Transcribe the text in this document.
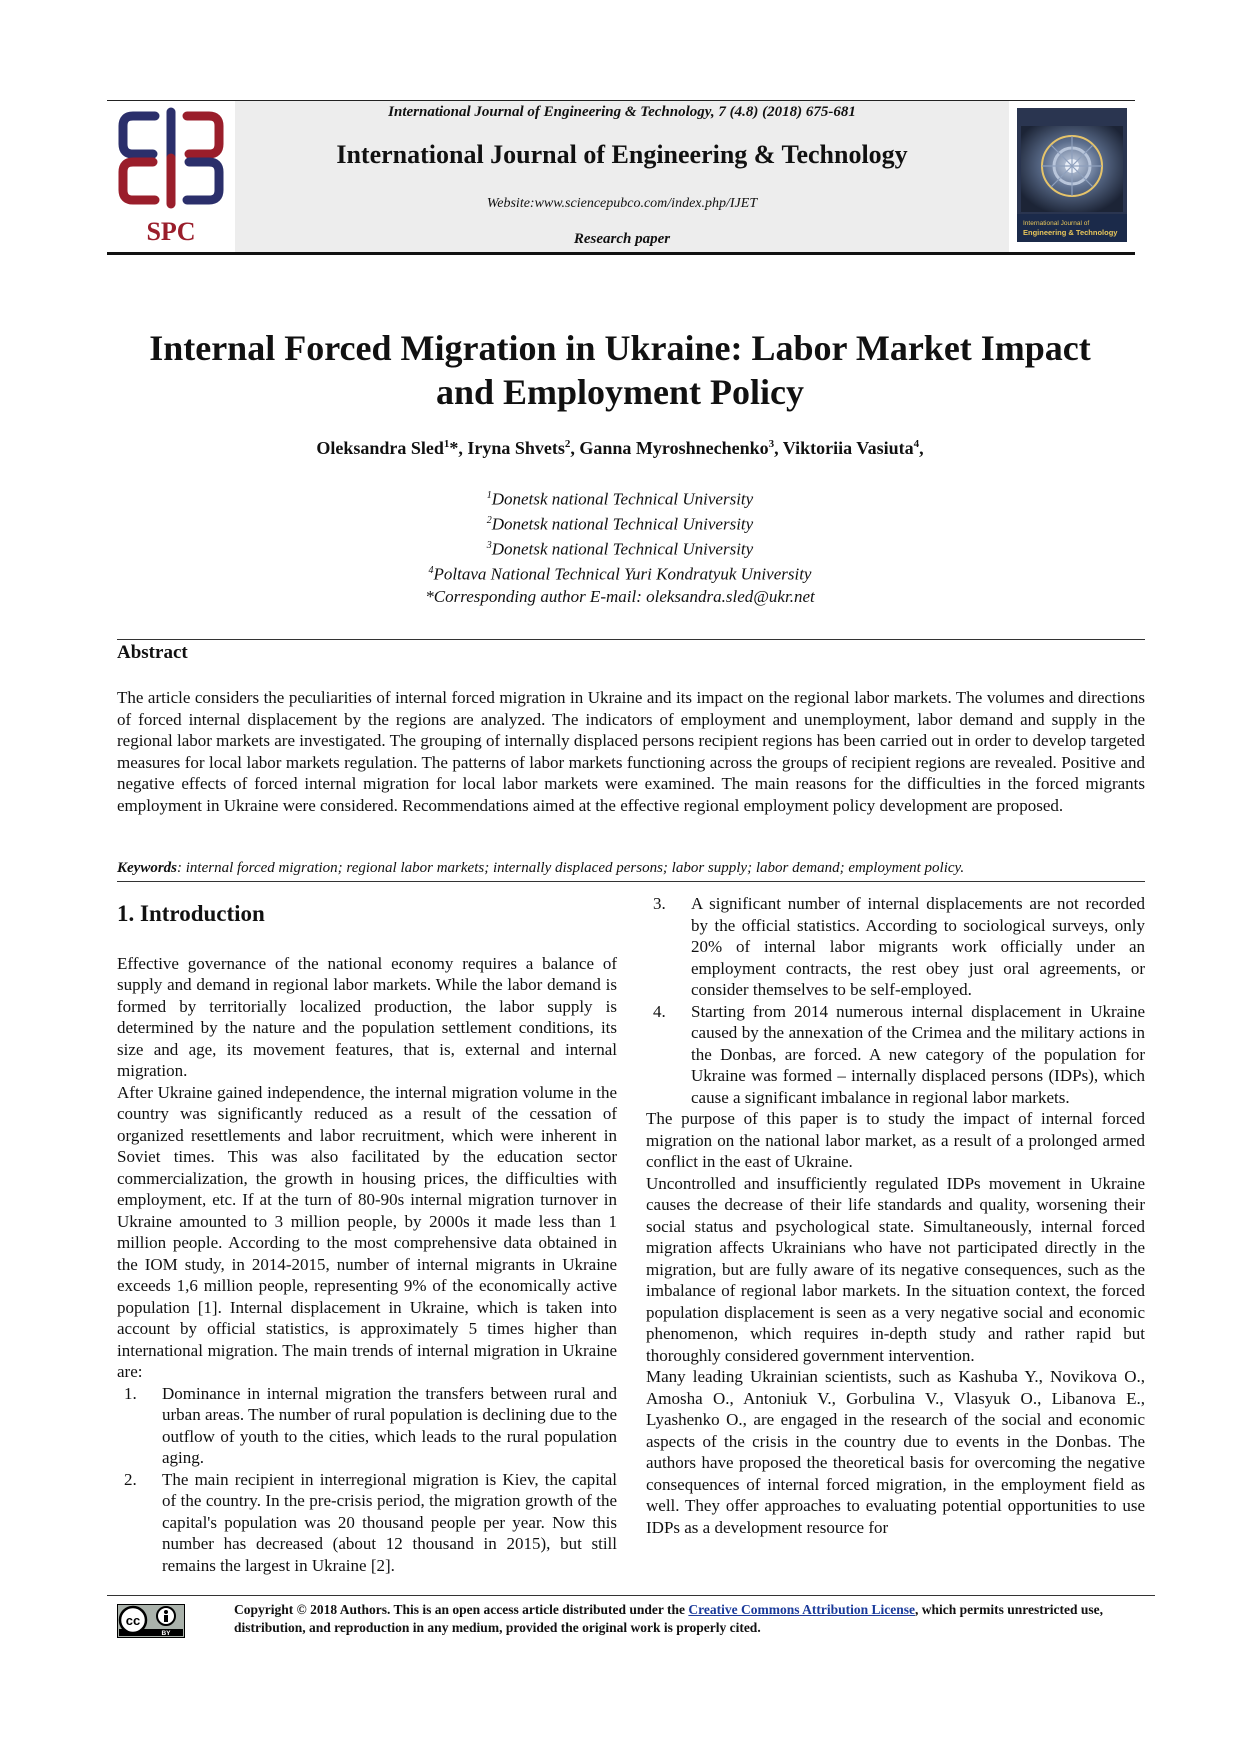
SPC
International Journal of Engineering & Technology, 7 (4.8) (2018) 675-681
International Journal of Engineering & Technology
Website:www.sciencepubco.com/index.php/IJET
Research paper
International Journal of
Engineering & Technology
Internal Forced Migration in Ukraine: Labor Market Impact and Employment Policy
Oleksandra Sled$^1$*, Iryna Shvets$^2$, Ganna Myroshnechenko$^3$, Viktoriia Vasiuta$^4$,
$^1$Donetsk national Technical University
$^2$Donetsk national Technical University
$^3$Donetsk national Technical University
$^4$Poltava National Technical Yuri Kondratyuk University
*Corresponding author E-mail: oleksandra.sled@ukr.net
Abstract

The article considers the peculiarities of internal forced migration in Ukraine and its impact on the regional labor markets. The volumes and directions of forced internal displacement by the regions are analyzed. The indicators of employment and unemployment, labor demand and supply in the regional labor markets are investigated. The grouping of internally displaced persons recipient regions has been carried out in order to develop targeted measures for local labor markets regulation. The patterns of labor markets functioning across the groups of recipient regions are revealed. Positive and negative effects of forced internal migration for local labor markets were examined. The main reasons for the difficulties in the forced migrants employment in Ukraine were considered. Recommendations aimed at the effective regional employment policy development are proposed.

Keywords: internal forced migration; regional labor markets; internally displaced persons; labor supply; labor demand; employment policy.
1. Introduction

Effective governance of the national economy requires a balance of supply and demand in regional labor markets. While the labor demand is formed by territorially localized production, the labor supply is determined by the nature and the population settlement conditions, its size and age, its movement features, that is, external and internal migration.

After Ukraine gained independence, the internal migration volume in the country was significantly reduced as a result of the cessation of organized resettlements and labor recruitment, which were inherent in Soviet times. This was also facilitated by the education sector commercialization, the growth in housing prices, the difficulties with employment, etc. If at the turn of 80-90s internal migration turnover in Ukraine amounted to 3 million people, by 2000s it made less than 1 million people. According to the most comprehensive data obtained in the IOM study, in 2014-2015, number of internal migrants in Ukraine exceeds 1,6 million people, representing 9% of the economically active population [1]. Internal displacement in Ukraine, which is taken into account by official statistics, is approximately 5 times higher than international migration. The main trends of internal migration in Ukraine are:

1. Dominance in internal migration the transfers between rural and urban areas. The number of rural population is declining due to the outflow of youth to the cities, which leads to the rural population aging.
2. The main recipient in interregional migration is Kiev, the capital of the country. In the pre-crisis period, the migration growth of the capital's population was 20 thousand people per year. Now this number has decreased (about 12 thousand in 2015), but still remains the largest in Ukraine [2].
3. A significant number of internal displacements are not recorded by the official statistics. According to sociological surveys, only 20% of internal labor migrants work officially under an employment contracts, the rest obey just oral agreements, or consider themselves to be self-employed.
4. Starting from 2014 numerous internal displacement in Ukraine caused by the annexation of the Crimea and the military actions in the Donbas, are forced. A new category of the population for Ukraine was formed – internally displaced persons (IDPs), which cause a significant imbalance in regional labor markets.

The purpose of this paper is to study the impact of internal forced migration on the national labor market, as a result of a prolonged armed conflict in the east of Ukraine.

Uncontrolled and insufficiently regulated IDPs movement in Ukraine causes the decrease of their life standards and quality, worsening their social status and psychological state. Simultaneously, internal forced migration affects Ukrainians who have not participated directly in the migration, but are fully aware of its negative consequences, such as the imbalance of regional labor markets. In the situation context, the forced population displacement is seen as a very negative social and economic phenomenon, which requires in-depth study and rather rapid but thoroughly considered government intervention.

Many leading Ukrainian scientists, such as Kashuba Y., Novikova O., Amosha O., Antoniuk V., Gorbulina V., Vlasyuk O., Libanova E., Lyashenko O., are engaged in the research of the social and economic aspects of the crisis in the country due to events in the Donbas. The authors have proposed the theoretical basis for overcoming the negative consequences of internal forced migration, in the employment field as well. They offer approaches to evaluating potential opportunities to use IDPs as a development resource for

cc
BY
Copyright © 2018 Authors. This is an open access article distributed under the Creative Commons Attribution License, which permits unrestricted use, distribution, and reproduction in any medium, provided the original work is properly cited.
